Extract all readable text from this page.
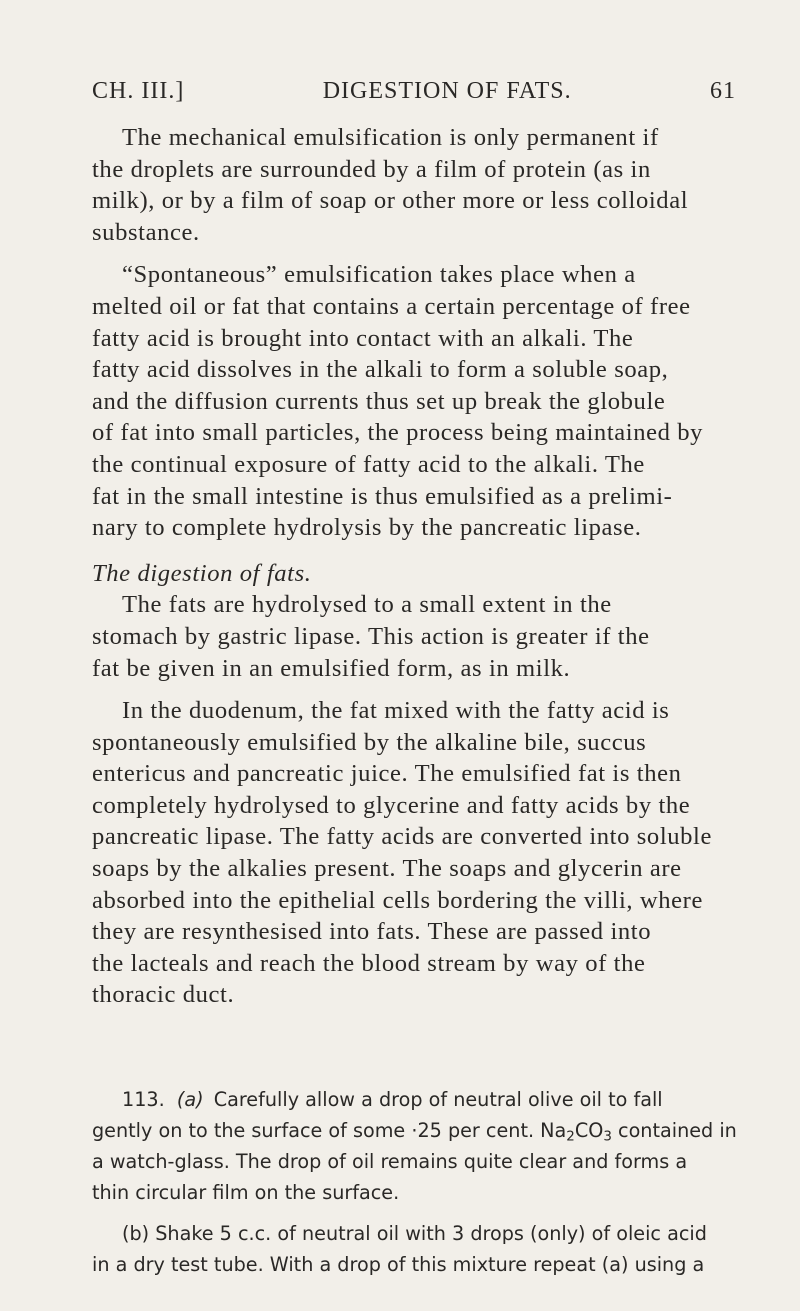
CH. III.]	DIGESTION OF FATS.	61

The mechanical emulsification is only permanent if
the droplets are surrounded by a film of protein (as in
milk), or by a film of soap or other more or less colloidal
substance.

“Spontaneous” emulsification takes place when a
melted oil or fat that contains a certain percentage of free
fatty acid is brought into contact with an alkali. The
fatty acid dissolves in the alkali to form a soluble soap,
and the diffusion currents thus set up break the globule
of fat into small particles, the process being maintained by
the continual exposure of fatty acid to the alkali. The
fat in the small intestine is thus emulsified as a prelimi-
nary to complete hydrolysis by the pancreatic lipase.

The digestion of fats.

The fats are hydrolysed to a small extent in the
stomach by gastric lipase. This action is greater if the
fat be given in an emulsified form, as in milk.

In the duodenum, the fat mixed with the fatty acid is
spontaneously emulsified by the alkaline bile, succus
entericus and pancreatic juice. The emulsified fat is then
completely hydrolysed to glycerine and fatty acids by the
pancreatic lipase. The fatty acids are converted into soluble
soaps by the alkalies present. The soaps and glycerin are
absorbed into the epithelial cells bordering the villi, where
they are resynthesised into fats. These are passed into
the lacteals and reach the blood stream by way of the
thoracic duct.

113. (a) Carefully allow a drop of neutral olive oil to fall
gently on to the surface of some ·25 per cent. $Na_2CO_3$ contained in
a watch-glass. The drop of oil remains quite clear and forms a
thin circular film on the surface.

(b) Shake 5 c.c. of neutral oil with 3 drops (only) of oleic acid
in a dry test tube. With a drop of this mixture repeat (a) using a
